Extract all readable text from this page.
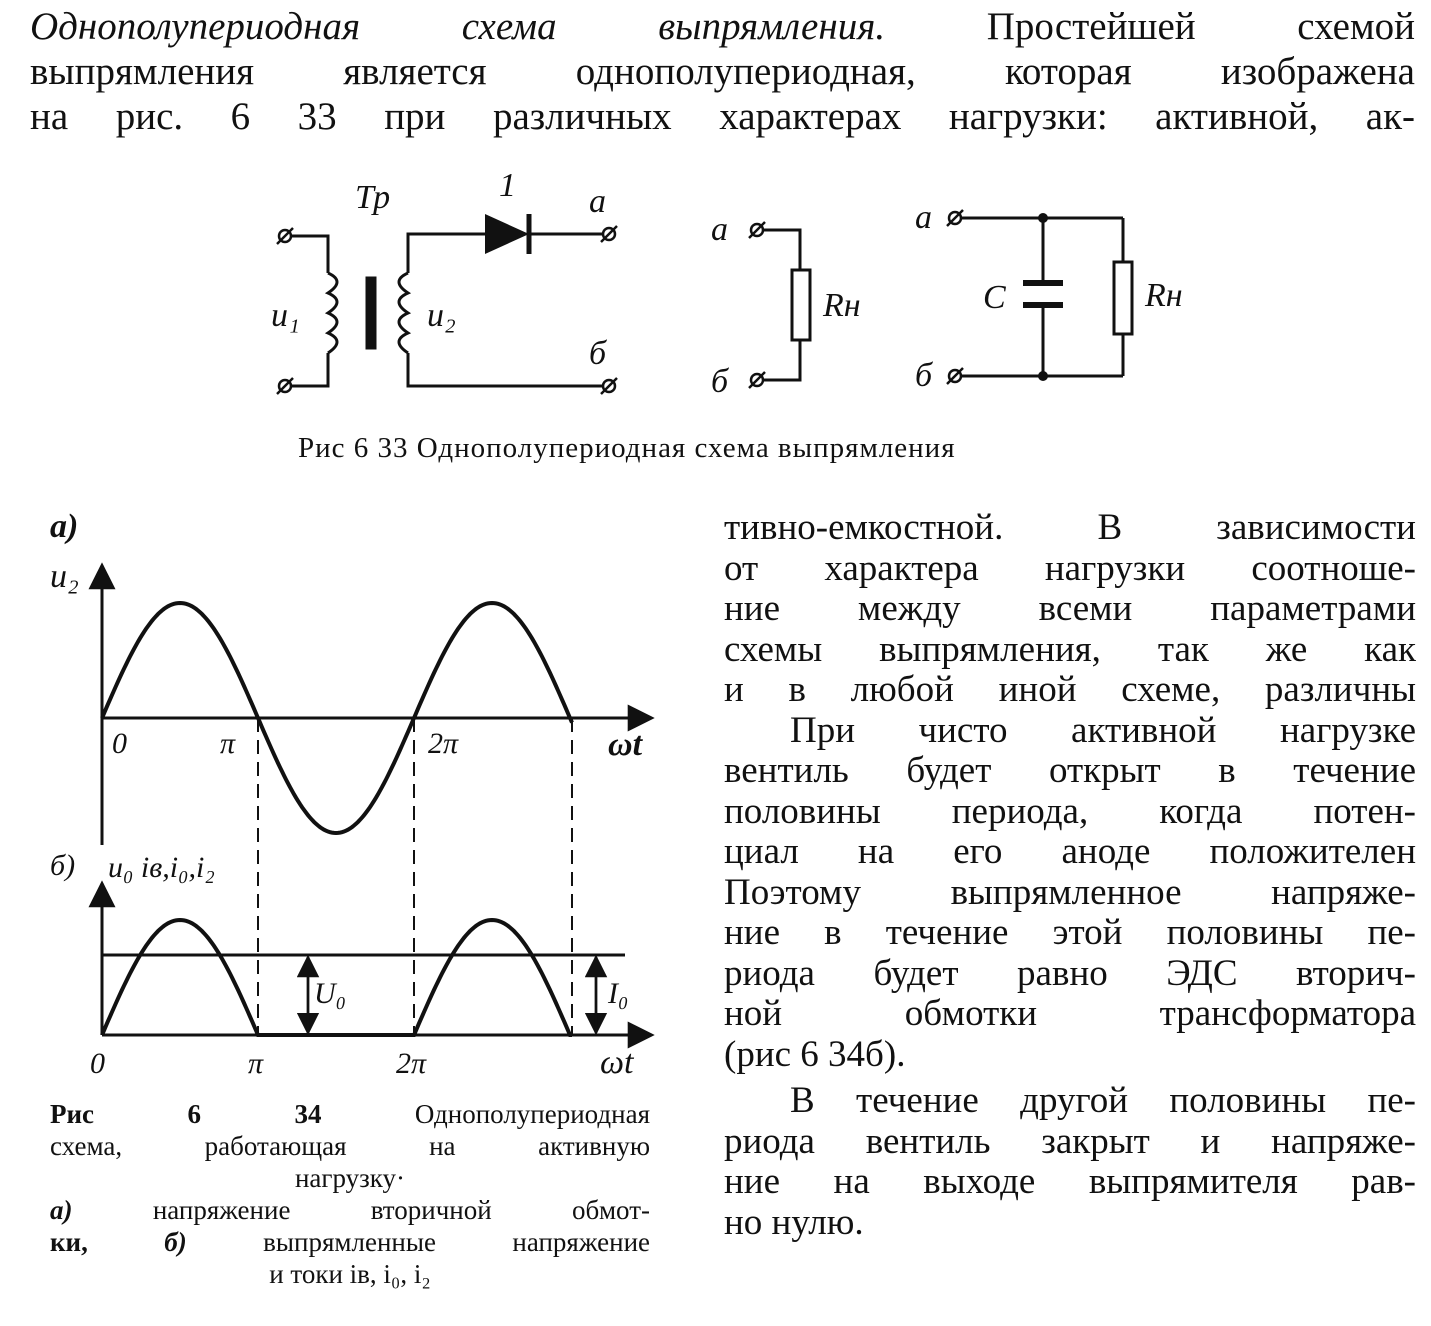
Однополупериодная схема выпрямления.	Простейшей схемой
выпрямления является однополупериодная, которая изображена
на рис. 6 33 при различных характерах нагрузки: активной, ак-
Тр	1
u₁	u₂
а
б
а
б
Rн
а
б
С	Rн
Рис 6 33 Однополупериодная схема выпрямления
а)
u₂
0	π	2π	ωt
б) u₀ iв,i₀,i₂
U₀	I₀
0	π	2π	ωt
Рис 6 34	Однополупериодная
схема, работающая на активную
нагрузку·
а)	напряжение вторичной обмот-
ки,	б)	выпрямленные напряжение
и токи iв, i₀, i₂
тивно-емкостной. В зависимости
от характера нагрузки соотноше-
ние между всеми параметрами
схемы выпрямления, так же как
и в любой иной схеме, различны
При чисто активной нагрузке
вентиль будет открыт в течение
половины периода, когда потен-
циал на его аноде положителен
Поэтому выпрямленное напряже-
ние в течение этой половины пе-
риода будет равно ЭДС вторич-
ной обмотки трансформатора
(рис 6 34б).
В течение другой половины пе-
риода вентиль закрыт и напряже-
ние на выходе выпрямителя рав-
но нулю.
